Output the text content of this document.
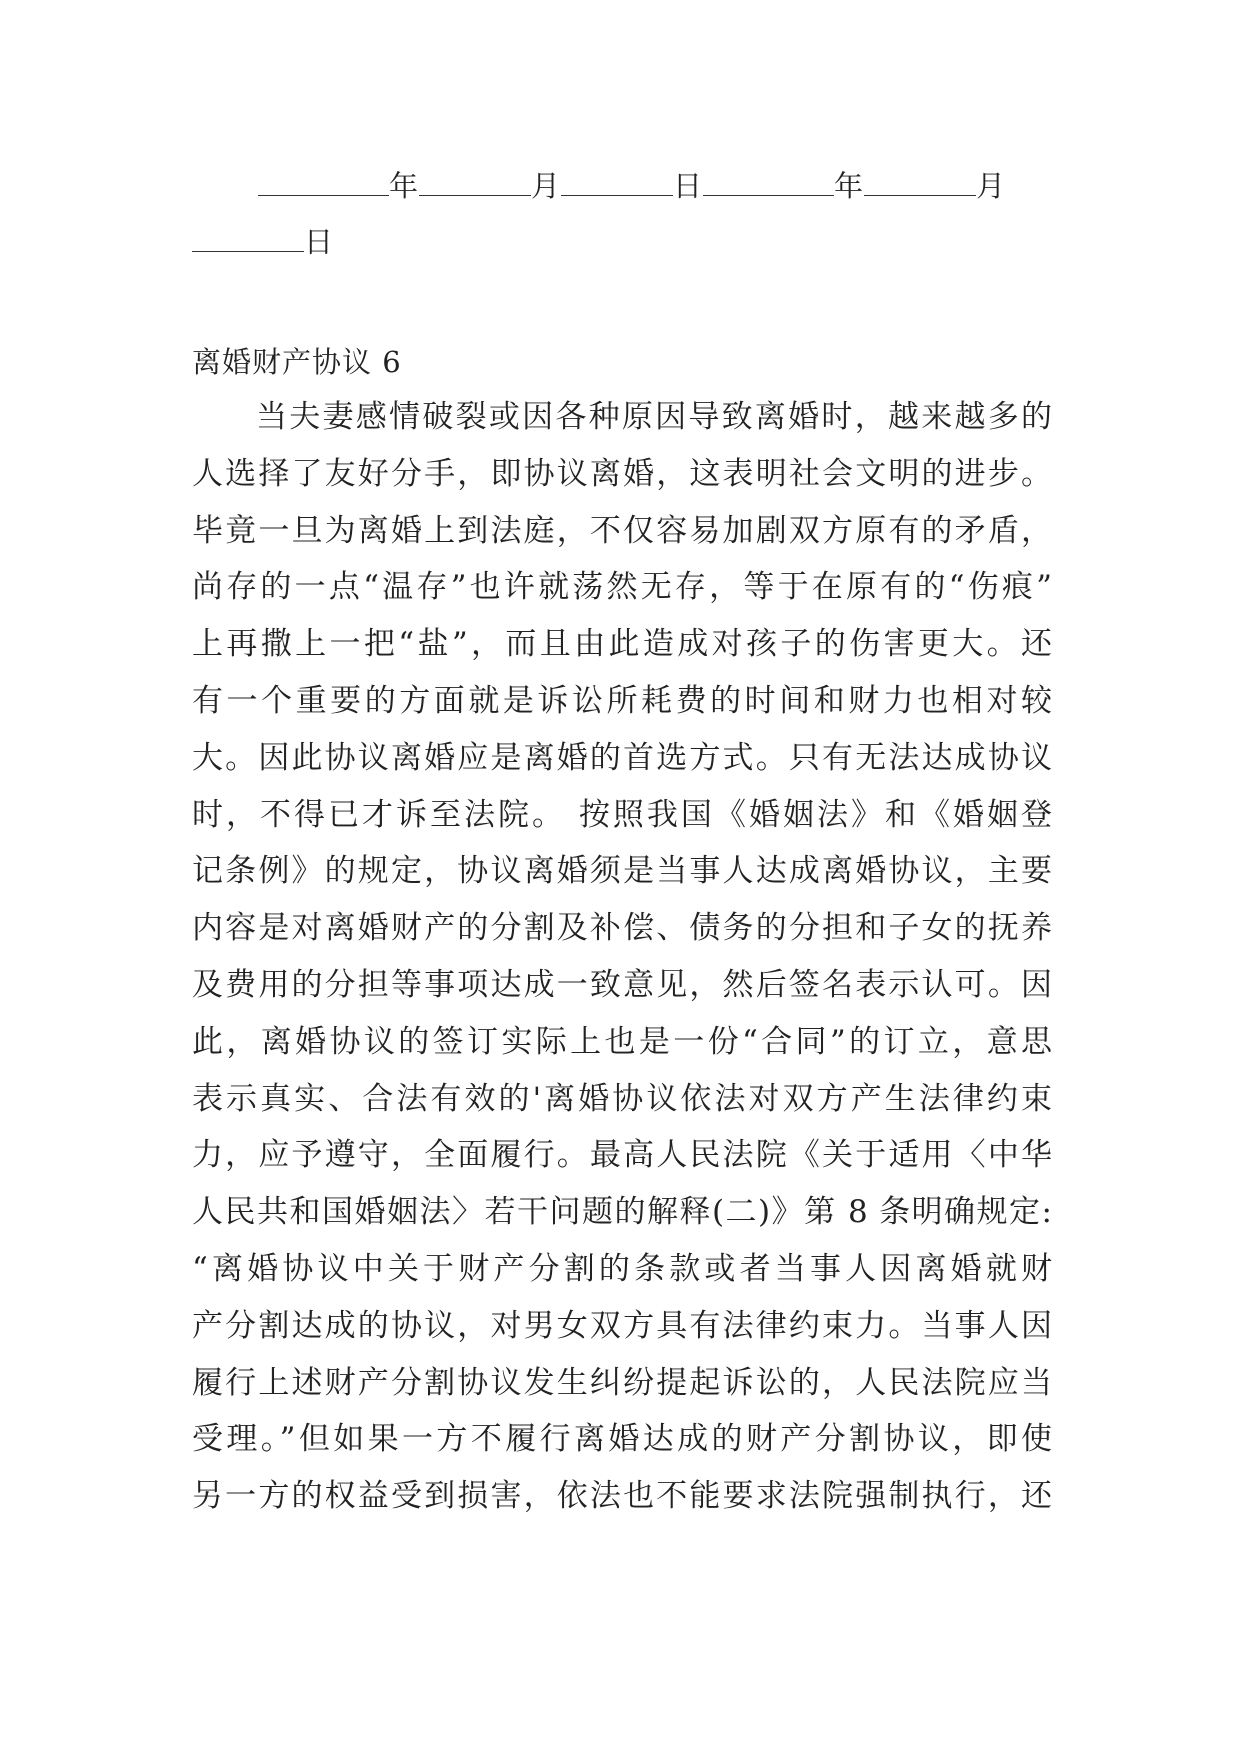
年	月	日	年	月
日
离婚财产协议 6
当夫妻感情破裂或因各种原因导致离婚时，越来越多的
人选择了友好分手，即协议离婚，这表明社会文明的进步。
毕竟一旦为离婚上到法庭，不仅容易加剧双方原有的矛盾，
尚存的一点“温存”也许就荡然无存，等于在原有的“伤痕”
上再撒上一把“盐”，而且由此造成对孩子的伤害更大。还
有一个重要的方面就是诉讼所耗费的时间和财力也相对较
大。因此协议离婚应是离婚的首选方式。只有无法达成协议
时，不得已才诉至法院。 按照我国《婚姻法》和《婚姻登
记条例》的规定，协议离婚须是当事人达成离婚协议，主要
内容是对离婚财产的分割及补偿、债务的分担和子女的抚养
及费用的分担等事项达成一致意见，然后签名表示认可。因
此，离婚协议的签订实际上也是一份“合同”的订立，意思
表示真实、合法有效的'离婚协议依法对双方产生法律约束
力，应予遵守，全面履行。最高人民法院《关于适用〈中华
人民共和国婚姻法〉若干问题的解释(二)》第 8 条明确规定:
“离婚协议中关于财产分割的条款或者当事人因离婚就财
产分割达成的协议，对男女双方具有法律约束力。当事人因
履行上述财产分割协议发生纠纷提起诉讼的，人民法院应当
受理。”但如果一方不履行离婚达成的财产分割协议，即使
另一方的权益受到损害，依法也不能要求法院强制执行，还
